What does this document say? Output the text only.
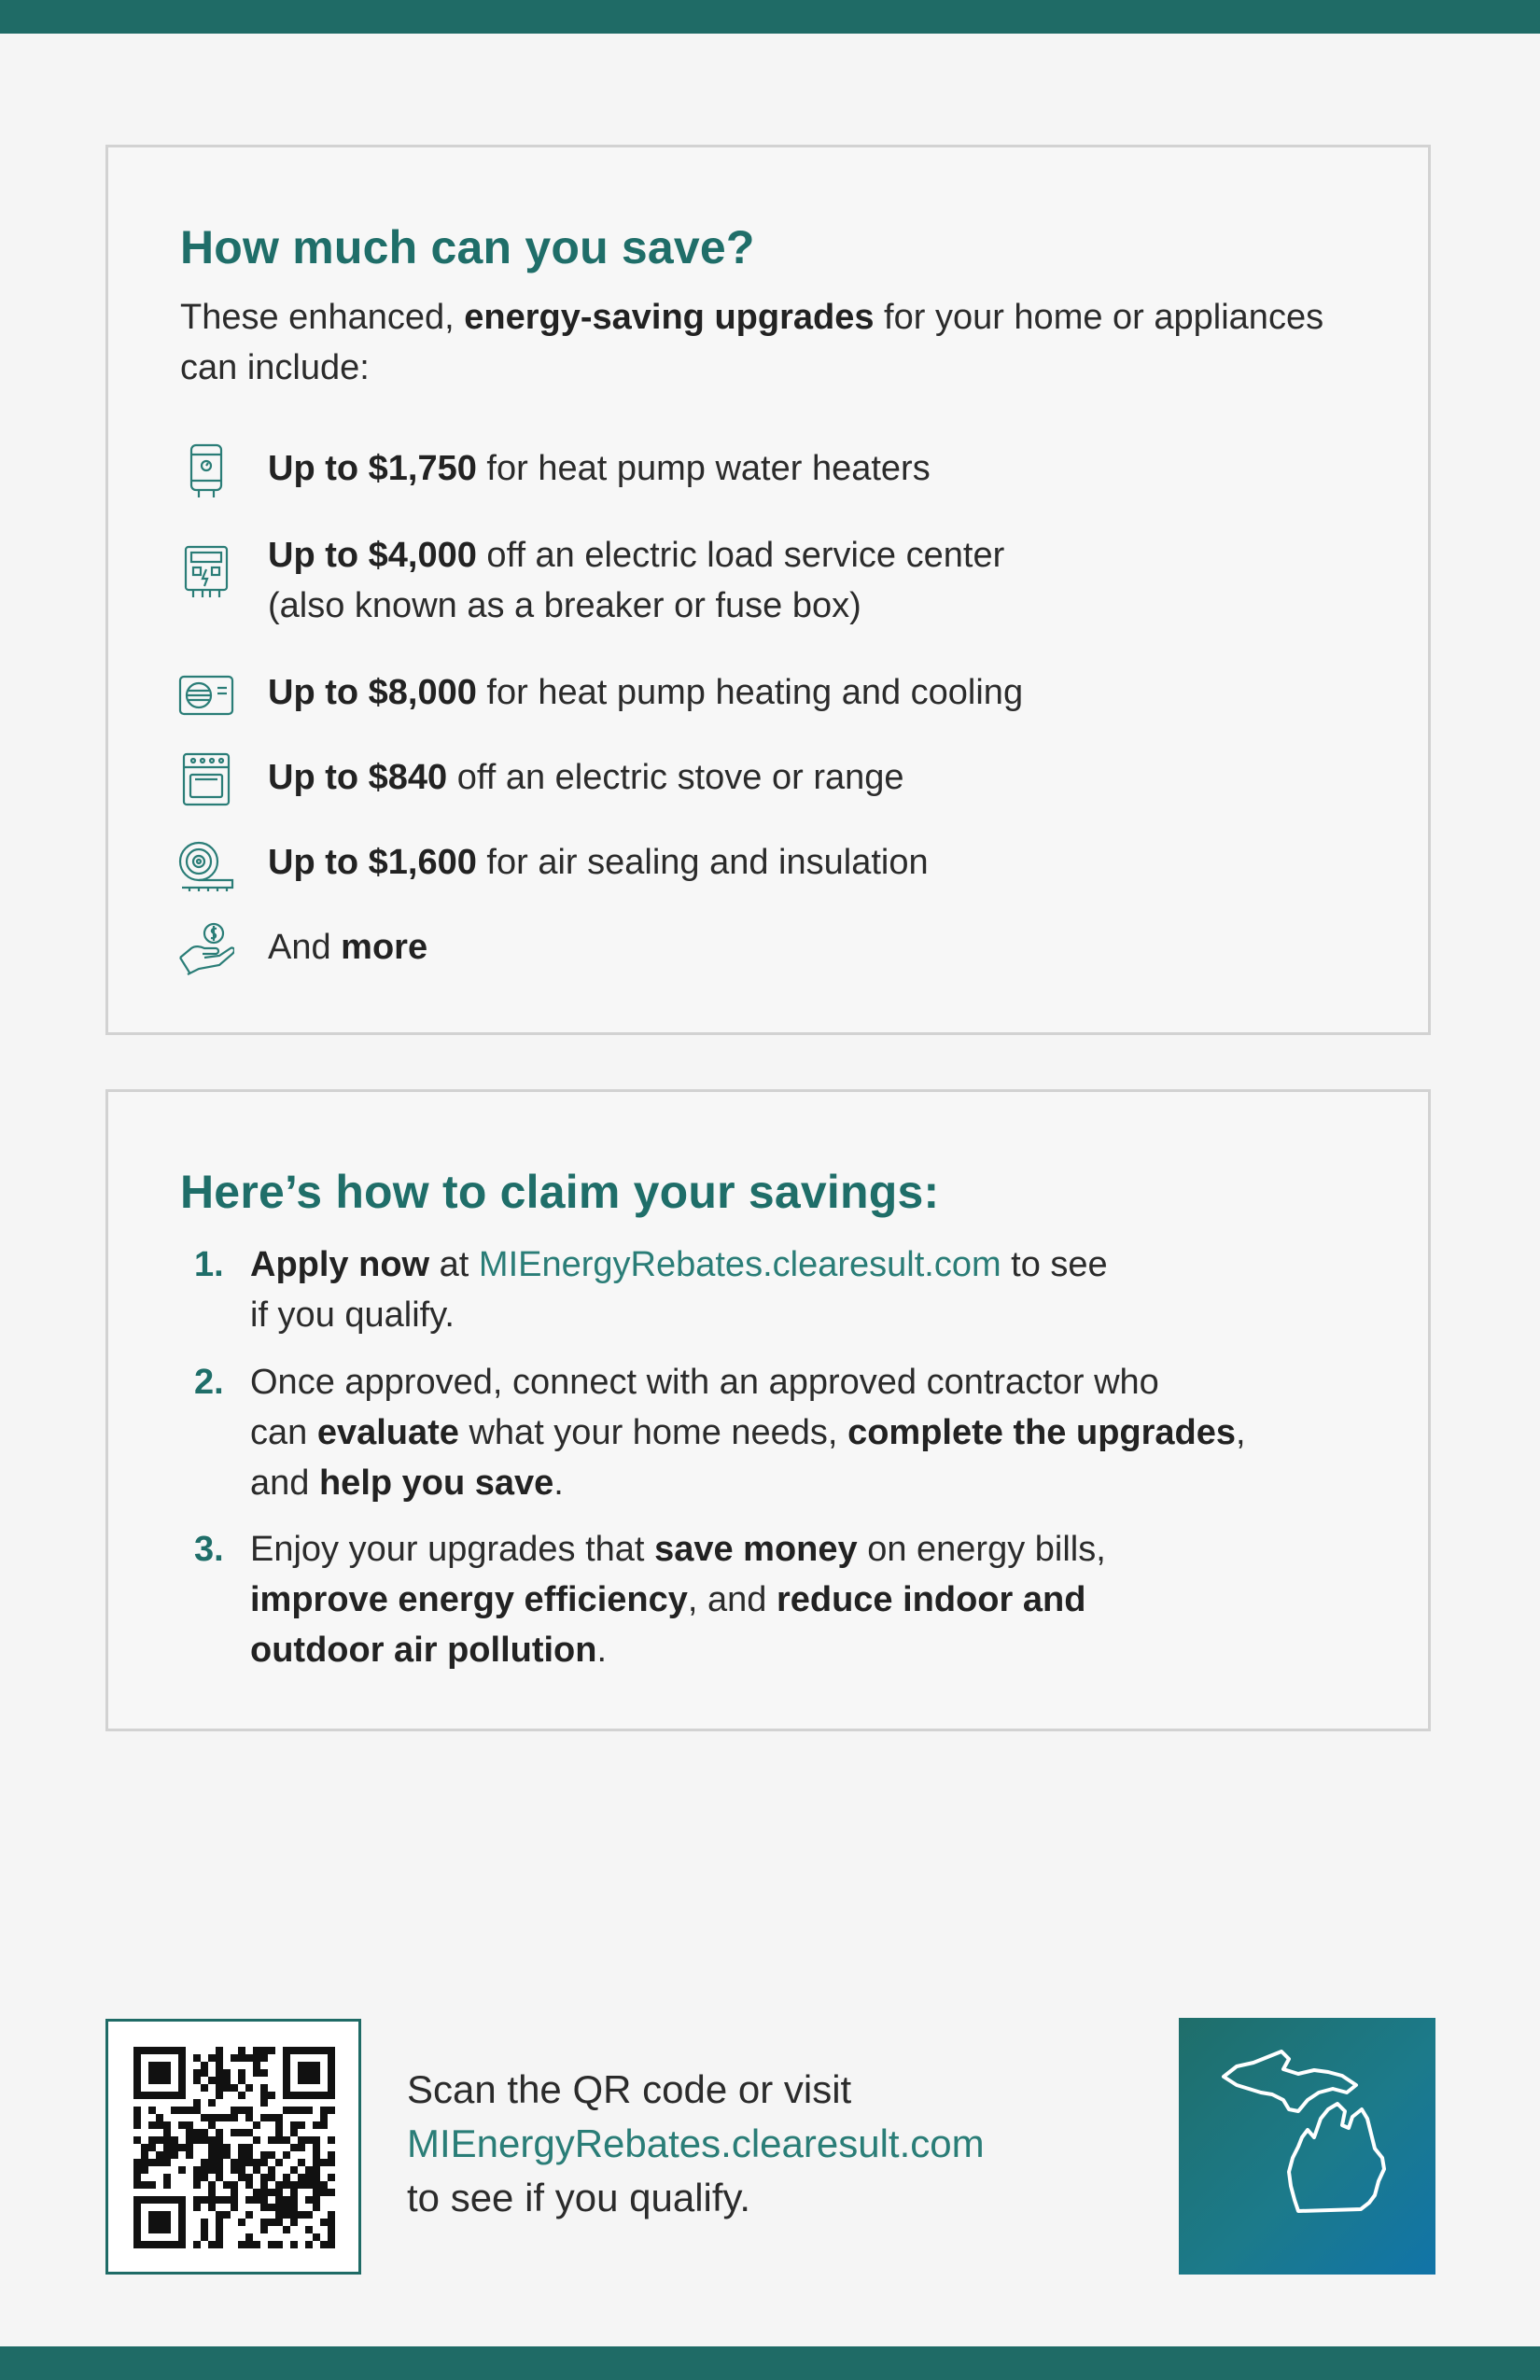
How much can you save?

These enhanced, energy-saving upgrades for your home or appliances can include:

Up to $1,750 for heat pump water heaters
Up to $4,000 off an electric load service center
(also known as a breaker or fuse box)
Up to $8,000 for heat pump heating and cooling
Up to $840 off an electric stove or range
Up to $1,600 for air sealing and insulation
And more
Here’s how to claim your savings:
1. Apply now at MIEnergyRebates.clearesult.com to see
if you qualify.
2. Once approved, connect with an approved contractor who
can evaluate what your home needs, complete the upgrades,
and help you save.
3. Enjoy your upgrades that save money on energy bills,
improve energy efficiency, and reduce indoor and
outdoor air pollution.
Scan the QR code or visit
MIEnergyRebates.clearesult.com
to see if you qualify.
